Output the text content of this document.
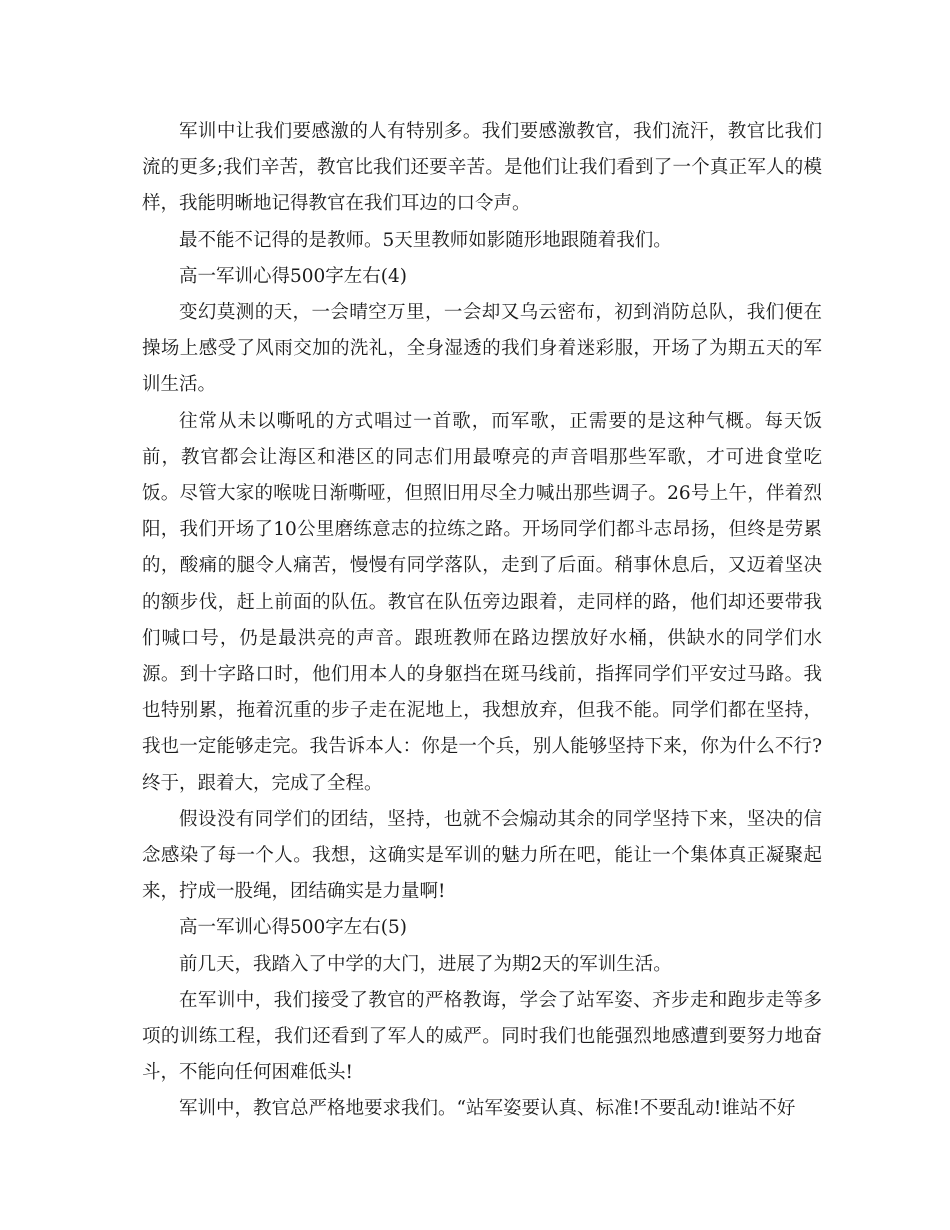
军训中让我们要感激的人有特别多。我们要感激教官，我们流汗，教官比我们流的更多;我们辛苦，教官比我们还要辛苦。是他们让我们看到了一个真正军人的模样，我能明晰地记得教官在我们耳边的口令声。

最不能不记得的是教师。5天里教师如影随形地跟随着我们。

高一军训心得500字左右(4)

变幻莫测的天，一会晴空万里，一会却又乌云密布，初到消防总队，我们便在操场上感受了风雨交加的洗礼，全身湿透的我们身着迷彩服，开场了为期五天的军训生活。

往常从未以嘶吼的方式唱过一首歌，而军歌，正需要的是这种气概。每天饭前，教官都会让海区和港区的同志们用最嘹亮的声音唱那些军歌，才可进食堂吃饭。尽管大家的喉咙日渐嘶哑，但照旧用尽全力喊出那些调子。26号上午，伴着烈阳，我们开场了10公里磨练意志的拉练之路。开场同学们都斗志昂扬，但终是劳累的，酸痛的腿令人痛苦，慢慢有同学落队，走到了后面。稍事休息后，又迈着坚决的额步伐，赶上前面的队伍。教官在队伍旁边跟着，走同样的路，他们却还要带我们喊口号，仍是最洪亮的声音。跟班教师在路边摆放好水桶，供缺水的同学们水源。到十字路口时，他们用本人的身躯挡在斑马线前，指挥同学们平安过马路。我也特别累，拖着沉重的步子走在泥地上，我想放弃，但我不能。同学们都在坚持，我也一定能够走完。我告诉本人：你是一个兵，别人能够坚持下来，你为什么不行?终于，跟着大，完成了全程。

假设没有同学们的团结，坚持，也就不会煽动其余的同学坚持下来，坚决的信念感染了每一个人。我想，这确实是军训的魅力所在吧，能让一个集体真正凝聚起来，拧成一股绳，团结确实是力量啊!

高一军训心得500字左右(5)

前几天，我踏入了中学的大门，进展了为期2天的军训生活。

在军训中，我们接受了教官的严格教诲，学会了站军姿、齐步走和跑步走等多项的训练工程，我们还看到了军人的威严。同时我们也能强烈地感遭到要努力地奋斗，不能向任何困难低头!

军训中，教官总严格地要求我们。“站军姿要认真、标准!不要乱动!谁站不好
